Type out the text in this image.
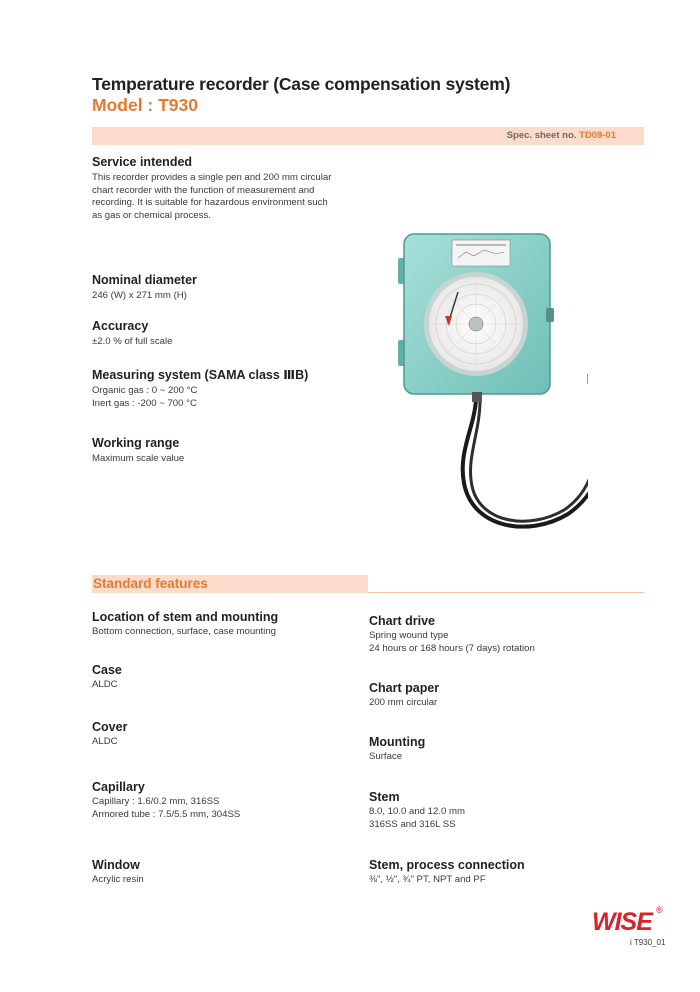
Temperature recorder (Case compensation system)
Model : T930
Spec. sheet no. TD09-01
Service intended

This recorder provides a single pen and 200 mm circular

chart recorder with the function of measurement and

recording. It is suitable for hazardous environment such

as gas or chemical process.

Nominal diameter

246 (W) x 271 mm (H)

Accuracy

±2.0 % of full scale

Measuring system (SAMA class ⅢB)

Organic gas : 0 ~ 200 °C

Inert gas : -200 ~ 700 °C

Working range

Maximum scale value

Standard features
Location of stem and mounting

Bottom connection, surface, case mounting

Case

ALDC

Cover

ALDC

Capillary

Capillary : 1.6/0.2 mm, 316SS

Armored tube : 7.5/5.5 mm, 304SS

Window

Acrylic resin

Chart drive

Spring wound type

24 hours or 168 hours (7 days) rotation

Chart paper

200 mm circular

Mounting

Surface

Stem

8.0, 10.0 and 12.0 mm

316SS and 316L SS

Stem, process connection

⅜", ½", ¾" PT, NPT and PF

WISE ®
i T930_01
